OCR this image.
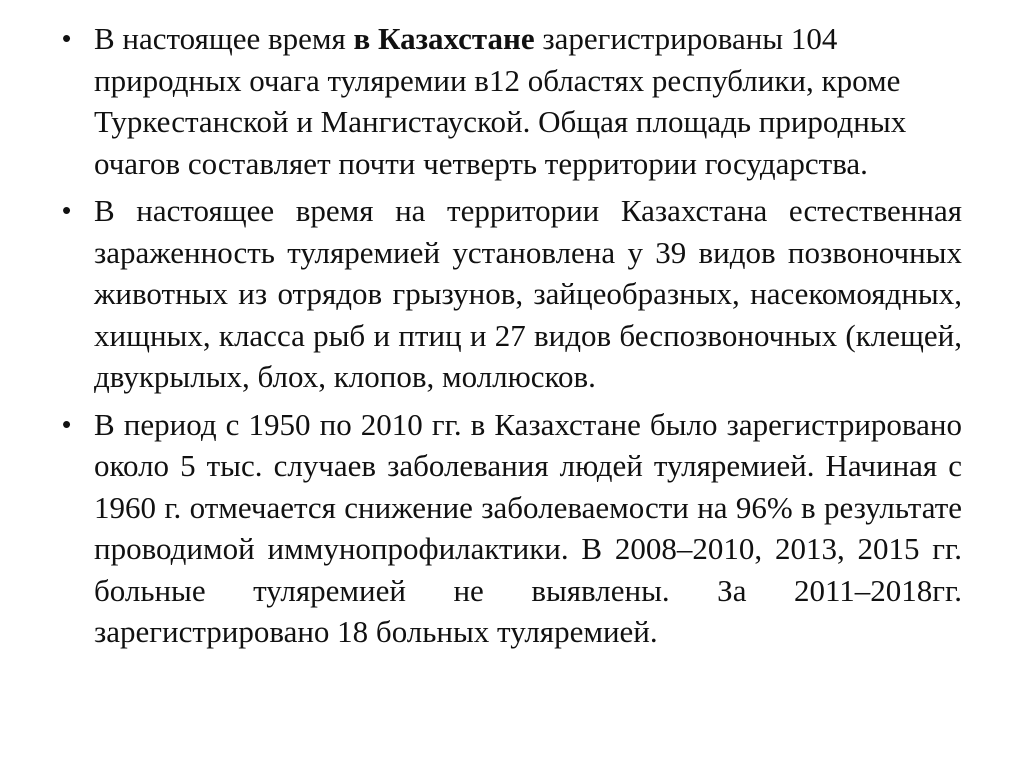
• В настоящее время в Казахстане зарегистрированы 104 природных очага туляремии в12 областях республики, кроме Туркестанской и Мангистауской. Общая площадь природных очагов составляет почти четверть территории государства.
• В настоящее время на территории Казахстана естественная зараженность туляремией установлена у 39 видов позвоночных животных из отрядов грызунов, зайцеобразных, насекомоядных, хищных, класса рыб и птиц и 27 видов беспозвоночных (клещей, двукрылых, блох, клопов, моллюсков.
• В период с 1950 по 2010 гг. в Казахстане было зарегистрировано около 5 тыс. случаев заболевания людей туляремией. Начиная с 1960 г. отмечается снижение заболеваемости на 96% в результате проводимой иммунопрофилактики. В 2008–2010, 2013, 2015 гг. больные туляремией не выявлены. За 2011–2018гг. зарегистрировано 18 больных туляремией.
